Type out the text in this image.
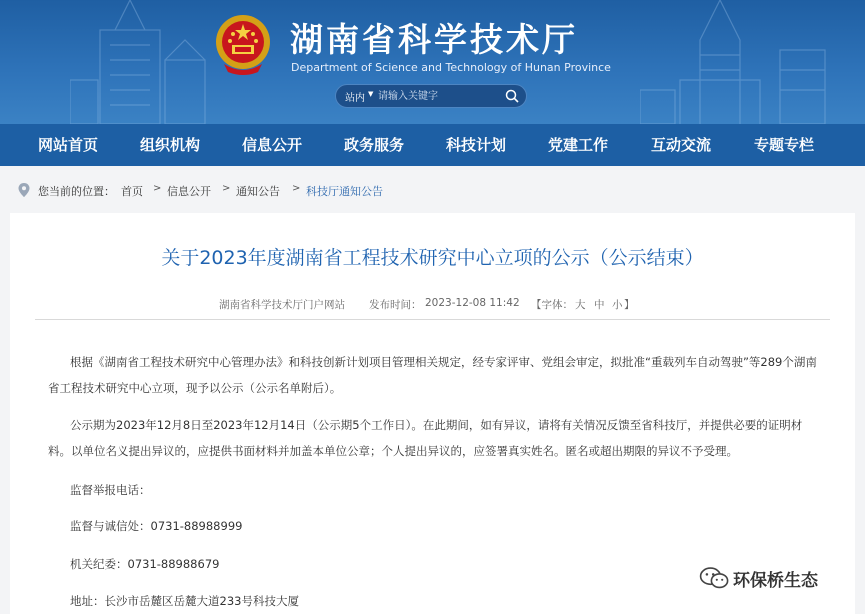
湖南省科学技术厅
Department of Science and Technology of Hunan Province
站内 ▼
请输入关键字
网站首页	组织机构	信息公开	政务服务	科技计划	党建工作	互动交流	专题专栏
您当前的位置： 首页 > 信息公开 > 通知公告 > 科技厅通知公告
关于2023年度湖南省工程技术研究中心立项的公示（公示结束）
湖南省科学技术厅门户网站 发布时间： 2023-12-08 11:42 【字体： 大 中 小 】
根据《湖南省工程技术研究中心管理办法》和科技创新计划项目管理相关规定，经专家评审、党组会审定，拟批准“重载列车自动驾驶”等289个湖南省工程技术研究中心立项，现予以公示（公示名单附后）。
公示期为2023年12月8日至2023年12月14日（公示期5个工作日）。在此期间，如有异议，请将有关情况反馈至省科技厅，并提供必要的证明材料。以单位名义提出异议的，应提供书面材料并加盖本单位公章；个人提出异议的，应签署真实姓名。匿名或超出期限的异议不予受理。
监督举报电话：
监督与诚信处：0731-88988999
机关纪委：0731-88988679
地址：长沙市岳麓区岳麓大道233号科技大厦
环保桥生态
